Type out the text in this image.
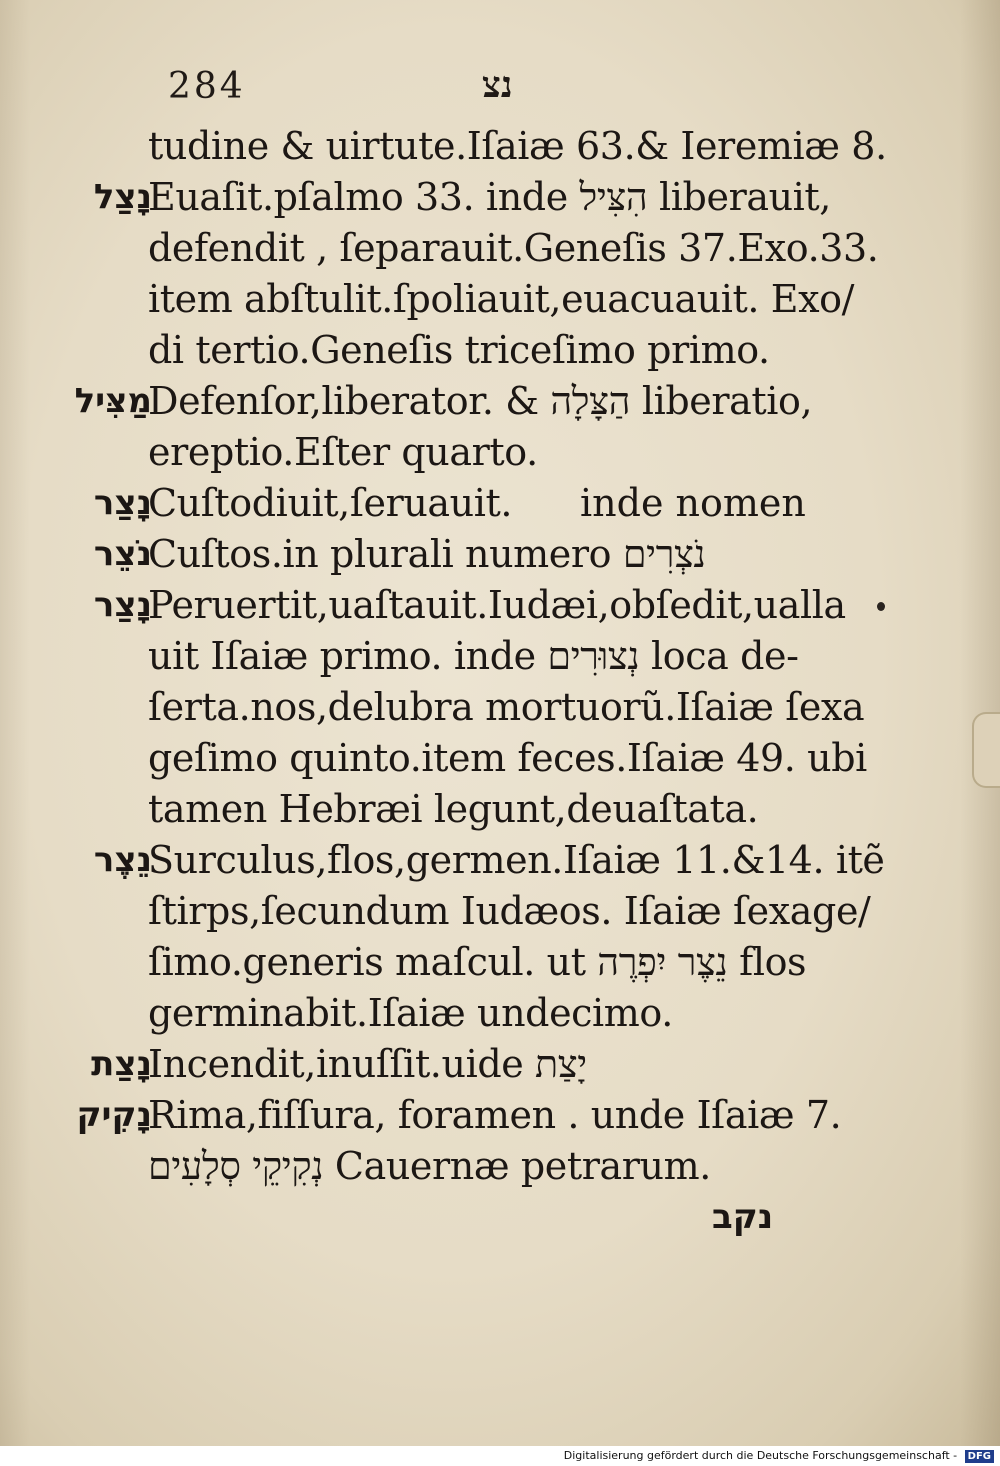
284	נצ
tudine & uirtute.Iſaiæ 63.& Ieremiæ 8.
נָצַל
Euaſit.pſalmo 33. inde הִצִּיל liberauit,
defendit , ſeparauit.Geneſis 37.Exo.33.
item abſtulit.ſpoliauit,euacuauit. Exo/
di tertio.Geneſis triceſimo primo.
מַצִּיל
Defenſor,liberator. & הַצָּלָה liberatio,
ereptio.Eſter quarto.
נָצַר
Cuſtodiuit,ſeruauit. inde nomen
נֹצֵר
Cuſtos.in plurali numero נֹצְרִים
נָצַר
Peruertit,uaſtauit.Iudæi,obſedit,ualla
uit Iſaiæ primo. inde נְצוּרִים loca de-
ſerta.nos,delubra mortuorũ.Iſaiæ ſexa
geſimo quinto.item feces.Iſaiæ 49. ubi
tamen Hebræi legunt,deuaſtata.
נֵצֶר
Surculus,flos,germen.Iſaiæ 11.&14. itẽ
ſtirps,ſecundum Iudæos. Iſaiæ ſexage/
ſimo.generis maſcul. ut נֵצֶר יִפְרֶה flos
germinabit.Iſaiæ undecimo.
נָצַת
Incendit,inuſſit.uide יָצַת
נָקִיק
Rima,fiſſura, foramen . unde Iſaiæ 7.
נְקִיקֵי סְלָעִים Cauernæ petrarum.
נקב
Digitalisierung gefördert durch die Deutsche Forschungsgemeinschaft - DFG
